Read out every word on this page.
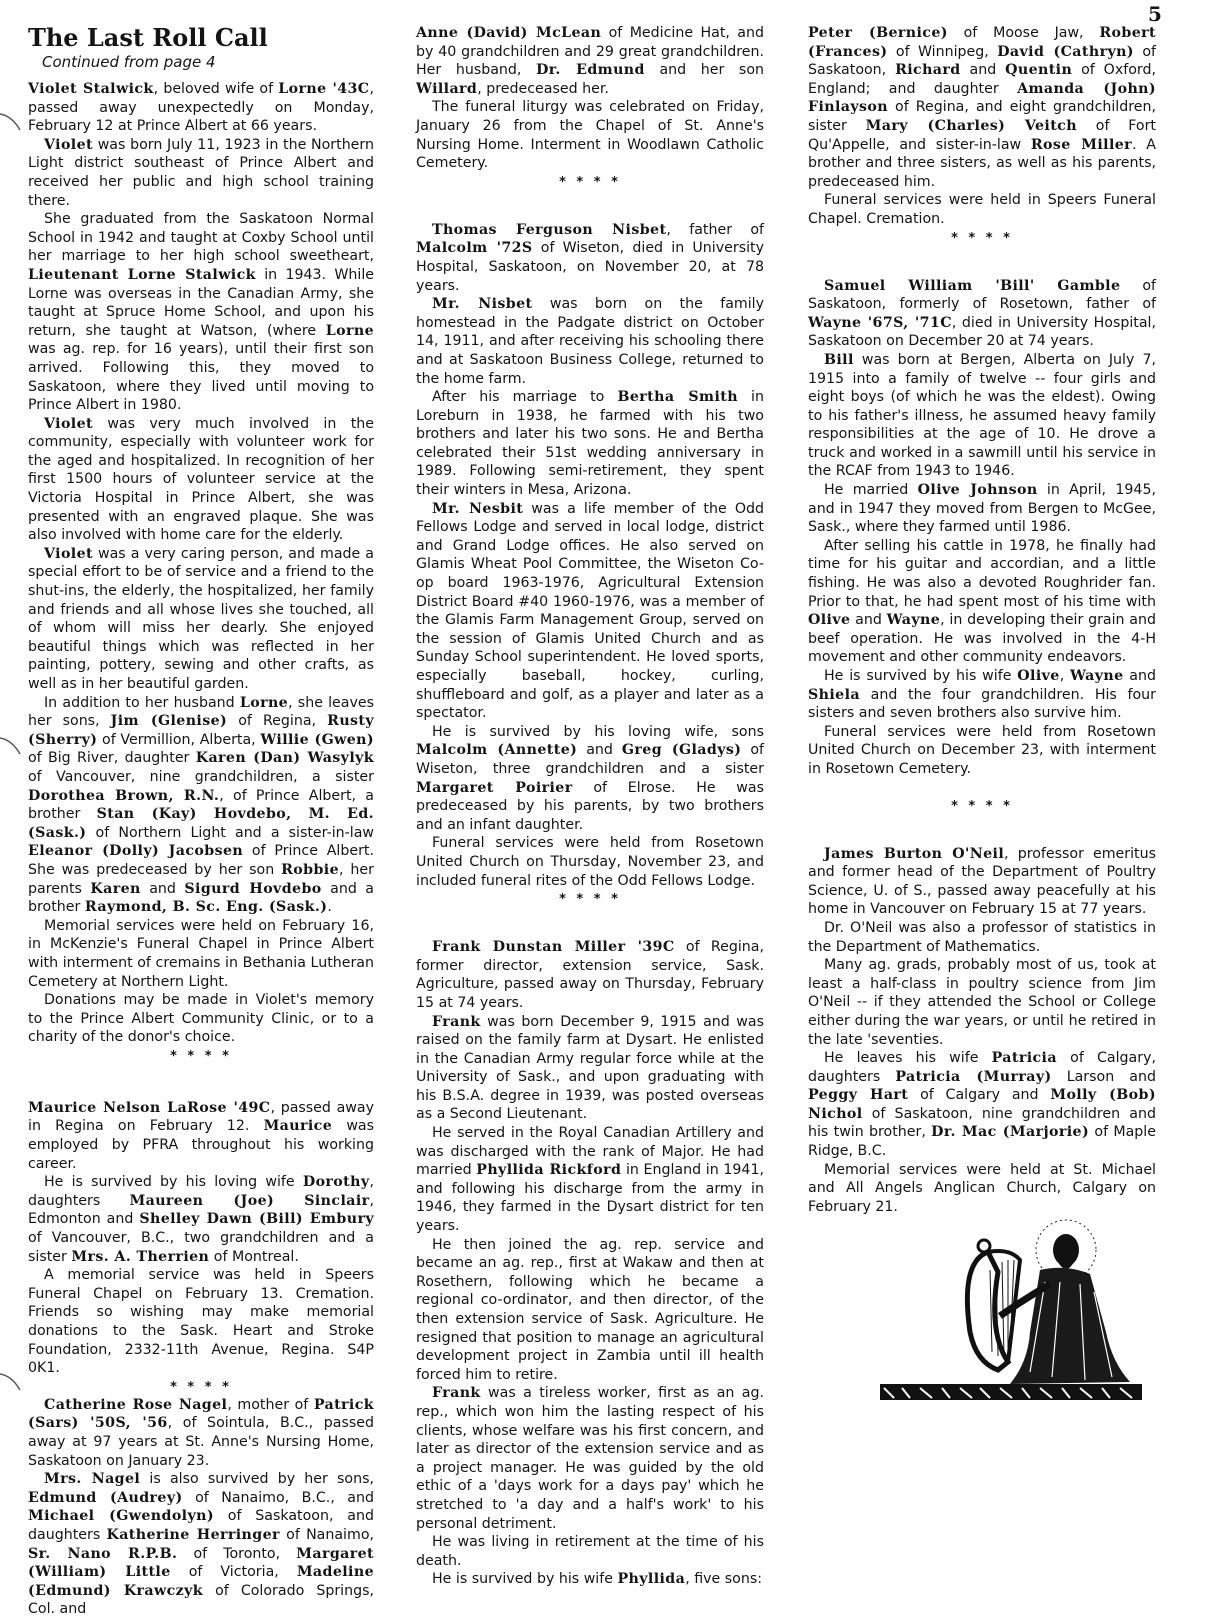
5
The Last Roll Call

Continued from page 4

Violet Stalwick, beloved wife of Lorne '43C, passed away unexpectedly on Monday, February 12 at Prince Albert at 66 years.

Violet was born July 11, 1923 in the Northern Light district southeast of Prince Albert and received her public and high school training there.

She graduated from the Saskatoon Normal School in 1942 and taught at Coxby School until her marriage to her high school sweetheart, Lieutenant Lorne Stalwick in 1943. While Lorne was overseas in the Canadian Army, she taught at Spruce Home School, and upon his return, she taught at Watson, (where Lorne was ag. rep. for 16 years), until their first son arrived. Following this, they moved to Saskatoon, where they lived until moving to Prince Albert in 1980.

Violet was very much involved in the community, especially with volunteer work for the aged and hospitalized. In recognition of her first 1500 hours of volunteer service at the Victoria Hospital in Prince Albert, she was presented with an engraved plaque. She was also involved with home care for the elderly.

Violet was a very caring person, and made a special effort to be of service and a friend to the shut-ins, the elderly, the hospitalized, her family and friends and all whose lives she touched, all of whom will miss her dearly. She enjoyed beautiful things which was reflected in her painting, pottery, sewing and other crafts, as well as in her beautiful garden.

In addition to her husband Lorne, she leaves her sons, Jim (Glenise) of Regina, Rusty (Sherry) of Vermillion, Alberta, Willie (Gwen) of Big River, daughter Karen (Dan) Wasylyk of Vancouver, nine grandchildren, a sister Dorothea Brown, R.N., of Prince Albert, a brother Stan (Kay) Hovdebo, M. Ed. (Sask.) of Northern Light and a sister-in-law Eleanor (Dolly) Jacobsen of Prince Albert. She was predeceased by her son Robbie, her parents Karen and Sigurd Hovdebo and a brother Raymond, B. Sc. Eng. (Sask.).

Memorial services were held on February 16, in McKenzie's Funeral Chapel in Prince Albert with interment of cremains in Bethania Lutheran Cemetery at Northern Light.

Donations may be made in Violet's memory to the Prince Albert Community Clinic, or to a charity of the donor's choice.

* * * *

Maurice Nelson LaRose '49C, passed away in Regina on February 12. Maurice was employed by PFRA throughout his working career.

He is survived by his loving wife Dorothy, daughters Maureen (Joe) Sinclair, Edmonton and Shelley Dawn (Bill) Embury of Vancouver, B.C., two grandchildren and a sister Mrs. A. Therrien of Montreal.

A memorial service was held in Speers Funeral Chapel on February 13. Cremation. Friends so wishing may make memorial donations to the Sask. Heart and Stroke Foundation, 2332-11th Avenue, Regina. S4P 0K1.

* * * *

Catherine Rose Nagel, mother of Patrick (Sars) '50S, '56, of Sointula, B.C., passed away at 97 years at St. Anne's Nursing Home, Saskatoon on January 23.

Mrs. Nagel is also survived by her sons, Edmund (Audrey) of Nanaimo, B.C., and Michael (Gwendolyn) of Saskatoon, and daughters Katherine Herringer of Nanaimo, Sr. Nano R.P.B. of Toronto, Margaret (William) Little of Victoria, Madeline (Edmund) Krawczyk of Colorado Springs, Col. and

Anne (David) McLean of Medicine Hat, and by 40 grandchildren and 29 great grandchildren. Her husband, Dr. Edmund and her son Willard, predeceased her.

The funeral liturgy was celebrated on Friday, January 26 from the Chapel of St. Anne's Nursing Home. Interment in Woodlawn Catholic Cemetery.

* * * *

Thomas Ferguson Nisbet, father of Malcolm '72S of Wiseton, died in University Hospital, Saskatoon, on November 20, at 78 years.

Mr. Nisbet was born on the family homestead in the Padgate district on October 14, 1911, and after receiving his schooling there and at Saskatoon Business College, returned to the home farm.

After his marriage to Bertha Smith in Loreburn in 1938, he farmed with his two brothers and later his two sons. He and Bertha celebrated their 51st wedding anniversary in 1989. Following semi-retirement, they spent their winters in Mesa, Arizona.

Mr. Nesbit was a life member of the Odd Fellows Lodge and served in local lodge, district and Grand Lodge offices. He also served on Glamis Wheat Pool Committee, the Wiseton Co-op board 1963-1976, Agricultural Extension District Board #40 1960-1976, was a member of the Glamis Farm Management Group, served on the session of Glamis United Church and as Sunday School superintendent. He loved sports, especially baseball, hockey, curling, shuffleboard and golf, as a player and later as a spectator.

He is survived by his loving wife, sons Malcolm (Annette) and Greg (Gladys) of Wiseton, three grandchildren and a sister Margaret Poirier of Elrose. He was predeceased by his parents, by two brothers and an infant daughter.

Funeral services were held from Rosetown United Church on Thursday, November 23, and included funeral rites of the Odd Fellows Lodge.

* * * *

Frank Dunstan Miller '39C of Regina, former director, extension service, Sask. Agriculture, passed away on Thursday, February 15 at 74 years.

Frank was born December 9, 1915 and was raised on the family farm at Dysart. He enlisted in the Canadian Army regular force while at the University of Sask., and upon graduating with his B.S.A. degree in 1939, was posted overseas as a Second Lieutenant.

He served in the Royal Canadian Artillery and was discharged with the rank of Major. He had married Phyllida Rickford in England in 1941, and following his discharge from the army in 1946, they farmed in the Dysart district for ten years.

He then joined the ag. rep. service and became an ag. rep., first at Wakaw and then at Rosethern, following which he became a regional co-ordinator, and then director, of the then extension service of Sask. Agriculture. He resigned that position to manage an agricultural development project in Zambia until ill health forced him to retire.

Frank was a tireless worker, first as an ag. rep., which won him the lasting respect of his clients, whose welfare was his first concern, and later as director of the extension service and as a project manager. He was guided by the old ethic of a 'days work for a days pay' which he stretched to 'a day and a half's work' to his personal detriment.

He was living in retirement at the time of his death.

He is survived by his wife Phyllida, five sons:

Peter (Bernice) of Moose Jaw, Robert (Frances) of Winnipeg, David (Cathryn) of Saskatoon, Richard and Quentin of Oxford, England; and daughter Amanda (John) Finlayson of Regina, and eight grandchildren, sister Mary (Charles) Veitch of Fort Qu'Appelle, and sister-in-law Rose Miller. A brother and three sisters, as well as his parents, predeceased him.

Funeral services were held in Speers Funeral Chapel. Cremation.

* * * *

Samuel William 'Bill' Gamble of Saskatoon, formerly of Rosetown, father of Wayne '67S, '71C, died in University Hospital, Saskatoon on December 20 at 74 years.

Bill was born at Bergen, Alberta on July 7, 1915 into a family of twelve -- four girls and eight boys (of which he was the eldest). Owing to his father's illness, he assumed heavy family responsibilities at the age of 10. He drove a truck and worked in a sawmill until his service in the RCAF from 1943 to 1946.

He married Olive Johnson in April, 1945, and in 1947 they moved from Bergen to McGee, Sask., where they farmed until 1986.

After selling his cattle in 1978, he finally had time for his guitar and accordian, and a little fishing. He was also a devoted Roughrider fan. Prior to that, he had spent most of his time with Olive and Wayne, in developing their grain and beef operation. He was involved in the 4-H movement and other community endeavors.

He is survived by his wife Olive, Wayne and Shiela and the four grandchildren. His four sisters and seven brothers also survive him.

Funeral services were held from Rosetown United Church on December 23, with interment in Rosetown Cemetery.

* * * *

James Burton O'Neil, professor emeritus and former head of the Department of Poultry Science, U. of S., passed away peacefully at his home in Vancouver on February 15 at 77 years.

Dr. O'Neil was also a professor of statistics in the Department of Mathematics.

Many ag. grads, probably most of us, took at least a half-class in poultry science from Jim O'Neil -- if they attended the School or College either during the war years, or until he retired in the late 'seventies.

He leaves his wife Patricia of Calgary, daughters Patricia (Murray) Larson and Peggy Hart of Calgary and Molly (Bob) Nichol of Saskatoon, nine grandchildren and his twin brother, Dr. Mac (Marjorie) of Maple Ridge, B.C.

Memorial services were held at St. Michael and All Angels Anglican Church, Calgary on February 21.
